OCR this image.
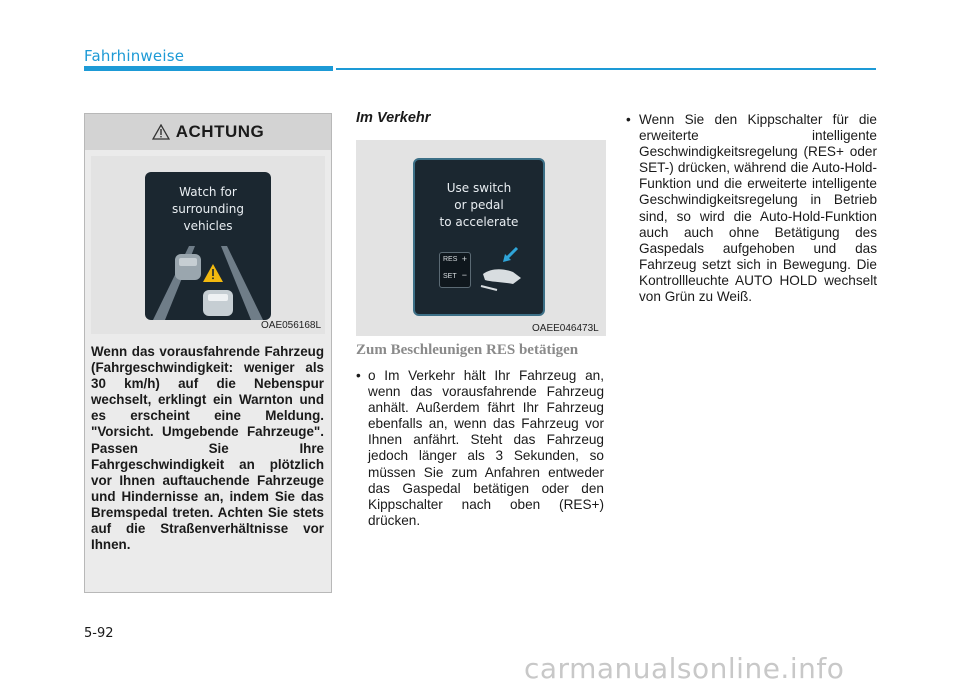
Fahrhinweise
ACHTUNG
Watch for
surrounding
vehicles
OAE056168L
Wenn das vorausfahrende Fahrzeug (Fahrgeschwindigkeit: weniger als 30 km/h) auf die Nebenspur wechselt, erklingt ein Warnton und es erscheint eine Meldung. "Vorsicht. Umgebende Fahrzeuge". Passen Sie Ihre Fahrgeschwindigkeit an plötzlich vor Ihnen auftauchende Fahrzeuge und Hindernisse an, indem Sie das Bremspedal treten. Achten Sie stets auf die Straßenverhältnisse vor Ihnen.
Im Verkehr
Use switch
or pedal
to accelerate
RES +
SET −
OAEE046473L
Zum Beschleunigen RES betätigen
• o Im Verkehr hält Ihr Fahrzeug an, wenn das vorausfahrende Fahrzeug anhält. Außerdem fährt Ihr Fahrzeug ebenfalls an, wenn das Fahrzeug vor Ihnen anfährt. Steht das Fahrzeug jedoch länger als 3 Sekunden, so müssen Sie zum Anfahren entweder das Gaspedal betätigen oder den Kippschalter nach oben (RES+) drücken.
• Wenn Sie den Kippschalter für die erweiterte intelligente Geschwindigkeitsregelung (RES+ oder SET-) drücken, während die Auto-Hold-Funktion und die erweiterte intelligente Geschwindigkeitsregelung in Betrieb sind, so wird die Auto-Hold-Funktion auch auch ohne Betätigung des Gaspedals aufgehoben und das Fahrzeug setzt sich in Bewegung. Die Kontrollleuchte AUTO HOLD wechselt von Grün zu Weiß.
5-92
carmanualsonline.info
